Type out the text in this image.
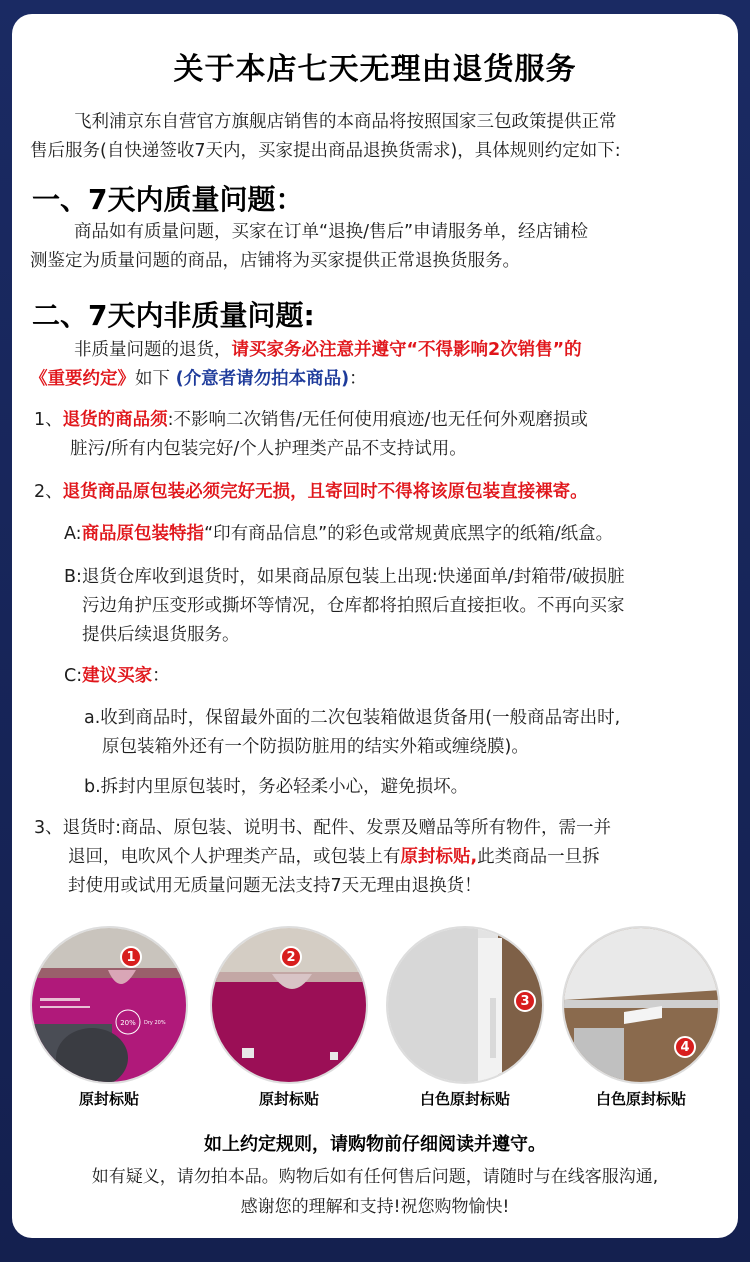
关于本店七天无理由退货服务
飞利浦京东自营官方旗舰店销售的本商品将按照国家三包政策提供正常
售后服务(自快递签收7天内，买家提出商品退换货需求)，具体规则约定如下:
一、7天内质量问题：
商品如有质量问题，买家在订单“退换/售后”申请服务单，经店铺检
测鉴定为质量问题的商品，店铺将为买家提供正常退换货服务。
二、7天内非质量问题:
非质量问题的退货，请买家务必注意并遵守“不得影响2次销售”的
《重要约定》如下 (介意者请勿拍本商品)：
1、退货的商品须:不影响二次销售/无任何使用痕迹/也无任何外观磨损或
脏污/所有内包装完好/个人护理类产品不支持试用。
2、退货商品原包装必须完好无损，且寄回时不得将该原包装直接裸寄。
A:商品原包装特指“印有商品信息”的彩色或常规黄底黑字的纸箱/纸盒。
B:退货仓库收到退货时，如果商品原包装上出现:快递面单/封箱带/破损脏
污边角护压变形或撕坏等情况，仓库都将拍照后直接拒收。不再向买家
提供后续退货服务。
C:建议买家：
a.收到商品时，保留最外面的二次包装箱做退货备用(一般商品寄出时,
原包装箱外还有一个防损防脏用的结实外箱或缠绕膜)。
b.拆封内里原包装时，务必轻柔小心，避免损坏。
3、退货时:商品、原包装、说明书、配件、发票及赠品等所有物件，需一并
退回，电吹风个人护理类产品，或包装上有原封标贴,此类商品一旦拆
封使用或试用无质量问题无法支持7天无理由退换货！
20% Dry 20%
1
原封标贴
2
原封标贴
3
白色原封标贴
4
白色原封标贴
如上约定规则，请购物前仔细阅读并遵守。
如有疑义，请勿拍本品。购物后如有任何售后问题，请随时与在线客服沟通,
感谢您的理解和支持!祝您购物愉快!
